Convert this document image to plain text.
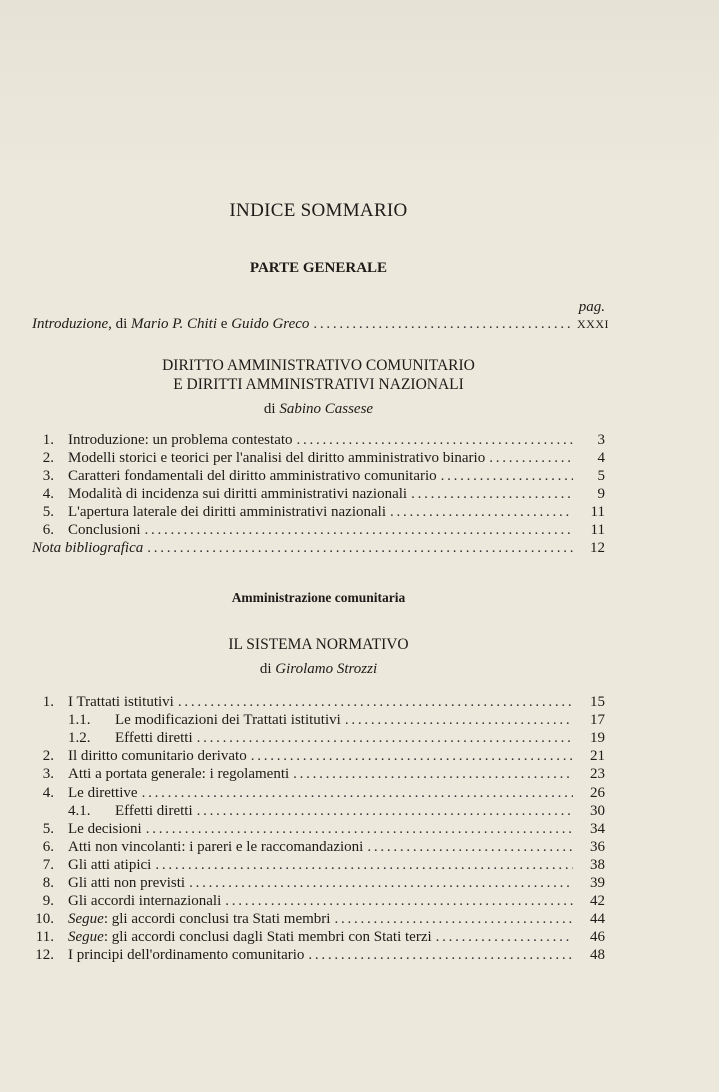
INDICE SOMMARIO
PARTE GENERALE
pag.
Introduzione, di Mario P. Chiti e Guido Greco . . .	XXXI
DIRITTO AMMINISTRATIVO COMUNITARIO
E DIRITTI AMMINISTRATIVI NAZIONALI
di Sabino Cassese
1. Introduzione: un problema contestato . . .	3
2. Modelli storici e teorici per l'analisi del diritto amministrativo binario . . .	4
3. Caratteri fondamentali del diritto amministrativo comunitario . . .	5
4. Modalità di incidenza sui diritti amministrativi nazionali . . .	9
5. L'apertura laterale dei diritti amministrativi nazionali . . .	11
6. Conclusioni . . .	11
Nota bibliografica . . .	12
Amministrazione comunitaria
IL SISTEMA NORMATIVO
di Girolamo Strozzi
1. I Trattati istitutivi . . .	15
1.1.	Le modificazioni dei Trattati istitutivi . . .	17
1.2.	Effetti diretti . . .	19
2. Il diritto comunitario derivato . . .	21
3. Atti a portata generale: i regolamenti . . .	23
4. Le direttive . . .	26
4.1.	Effetti diretti . . .	30
5. Le decisioni . . .	34
6. Atti non vincolanti: i pareri e le raccomandazioni . . .	36
7. Gli atti atipici . . .	38
8. Gli atti non previsti . . .	39
9. Gli accordi internazionali . . .	42
10. Segue: gli accordi conclusi tra Stati membri . . .	44
11. Segue: gli accordi conclusi dagli Stati membri con Stati terzi . . .	46
12. I principi dell'ordinamento comunitario . . .	48
